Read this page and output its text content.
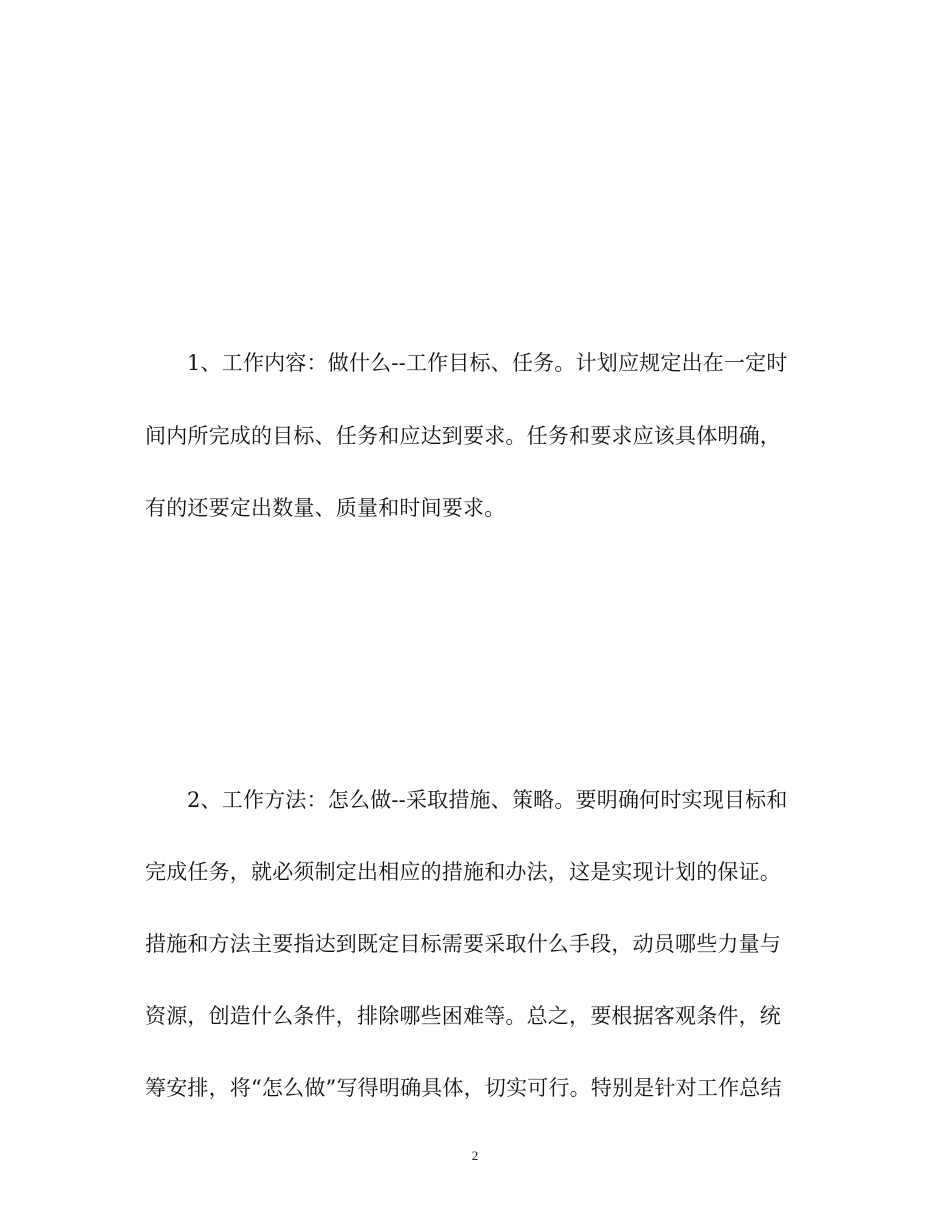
1、工作内容：做什么--工作目标、任务。计划应规定出在一定时
间内所完成的目标、任务和应达到要求。任务和要求应该具体明确，
有的还要定出数量、质量和时间要求。
2、工作方法：怎么做--采取措施、策略。要明确何时实现目标和
完成任务，就必须制定出相应的措施和办法，这是实现计划的保证。
措施和方法主要指达到既定目标需要采取什么手段，动员哪些力量与
资源，创造什么条件，排除哪些困难等。总之，要根据客观条件，统
筹安排，将“怎么做”写得明确具体，切实可行。特别是针对工作总结
2
